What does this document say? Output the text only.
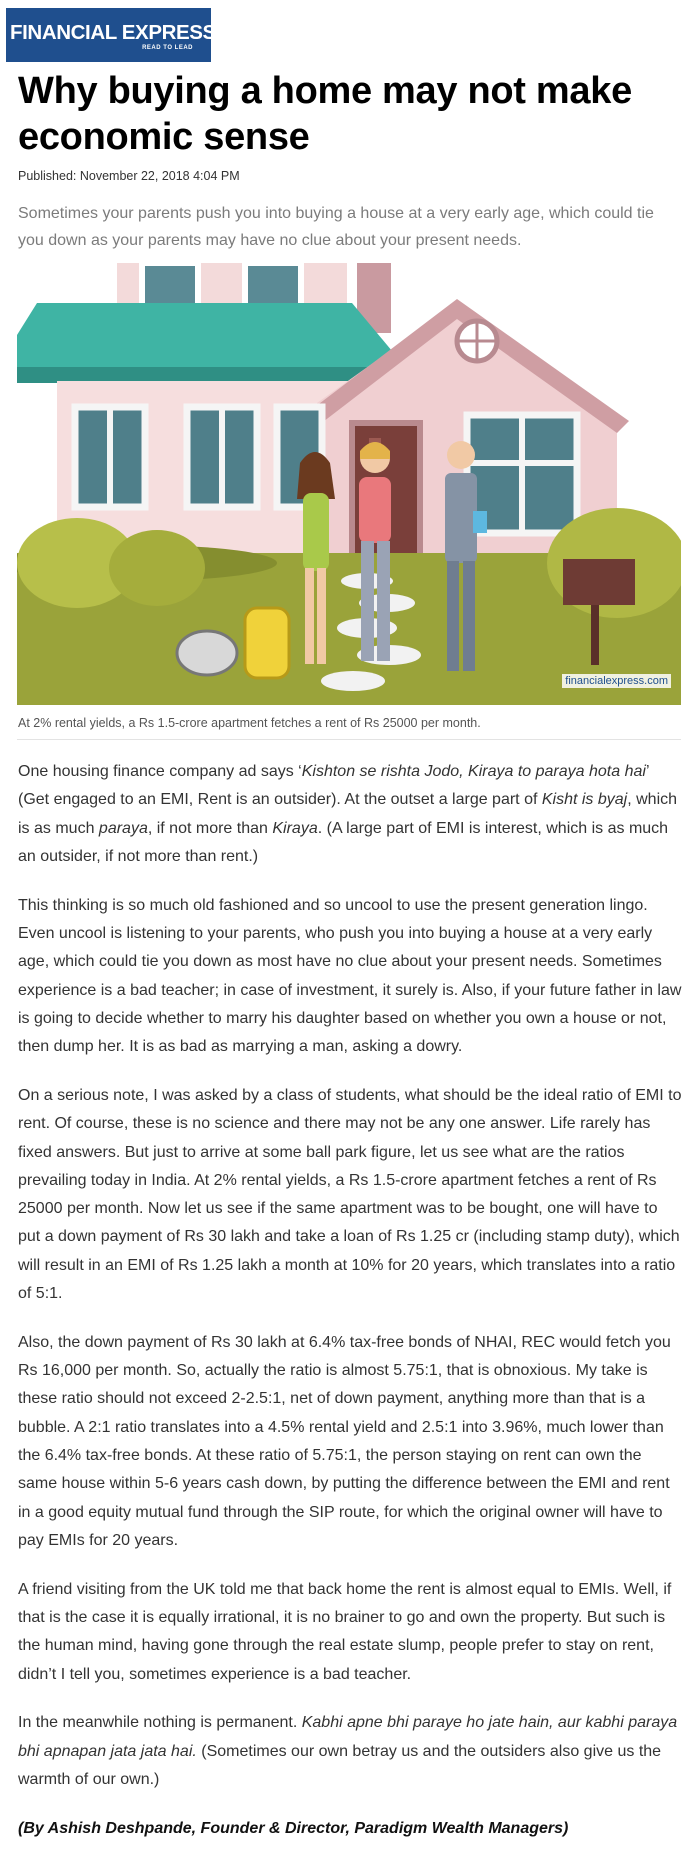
FINANCIAL EXPRESS
READ TO LEAD
Why buying a home may not make economic sense
Published: November 22, 2018 4:04 PM

Sometimes your parents push you into buying a house at a very early age, which could tie you down as your parents may have no clue about your present needs.

financialexpress.com
At 2% rental yields, a Rs 1.5-crore apartment fetches a rent of Rs 25000 per month.

One housing finance company ad says ‘Kishton se rishta Jodo, Kiraya to paraya hota hai’ (Get engaged to an EMI, Rent is an outsider). At the outset a large part of Kisht is byaj, which is as much paraya, if not more than Kiraya. (A large part of EMI is interest, which is as much an outsider, if not more than rent.)

This thinking is so much old fashioned and so uncool to use the present generation lingo. Even uncool is listening to your parents, who push you into buying a house at a very early age, which could tie you down as most have no clue about your present needs. Sometimes experience is a bad teacher; in case of investment, it surely is. Also, if your future father in law is going to decide whether to marry his daughter based on whether you own a house or not, then dump her. It is as bad as marrying a man, asking a dowry.

On a serious note, I was asked by a class of students, what should be the ideal ratio of EMI to rent. Of course, these is no science and there may not be any one answer. Life rarely has fixed answers. But just to arrive at some ball park figure, let us see what are the ratios prevailing today in India. At 2% rental yields, a Rs 1.5-crore apartment fetches a rent of Rs 25000 per month. Now let us see if the same apartment was to be bought, one will have to put a down payment of Rs 30 lakh and take a loan of Rs 1.25 cr (including stamp duty), which will result in an EMI of Rs 1.25 lakh a month at 10% for 20 years, which translates into a ratio of 5:1.

Also, the down payment of Rs 30 lakh at 6.4% tax-free bonds of NHAI, REC would fetch you Rs 16,000 per month. So, actually the ratio is almost 5.75:1, that is obnoxious. My take is these ratio should not exceed 2-2.5:1, net of down payment, anything more than that is a bubble. A 2:1 ratio translates into a 4.5% rental yield and 2.5:1 into 3.96%, much lower than the 6.4% tax-free bonds. At these ratio of 5.75:1, the person staying on rent can own the same house within 5-6 years cash down, by putting the difference between the EMI and rent in a good equity mutual fund through the SIP route, for which the original owner will have to pay EMIs for 20 years.

A friend visiting from the UK told me that back home the rent is almost equal to EMIs. Well, if that is the case it is equally irrational, it is no brainer to go and own the property. But such is the human mind, having gone through the real estate slump, people prefer to stay on rent, didn’t I tell you, sometimes experience is a bad teacher.

In the meanwhile nothing is permanent. Kabhi apne bhi paraye ho jate hain, aur kabhi paraya bhi apnapan jata jata hai. (Sometimes our own betray us and the outsiders also give us the warmth of our own.)

(By Ashish Deshpande, Founder & Director, Paradigm Wealth Managers)
